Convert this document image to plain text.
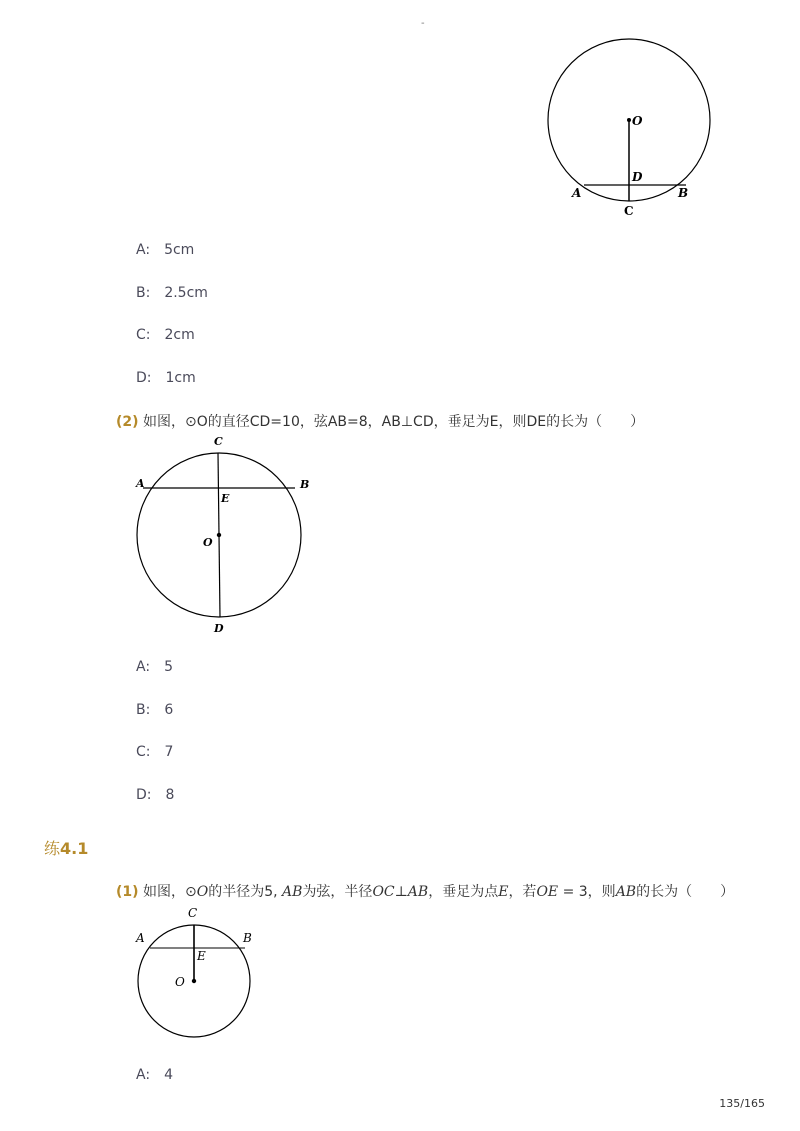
-
O
D
A	B
C
A: 5cm
B: 2.5cm
C: 2cm
D: 1cm
(2) 如图，⊙O的直径CD=10，弦AB=8，AB⊥CD，垂足为E，则DE的长为（　　）
C
A	B
E
O
D
A: 5
B: 6
C: 7
D: 8
练4.1
(1) 如图，⊙O的半径为5, AB为弦，半径OC⊥AB，垂足为点E，若OE = 3，则AB的长为（　　）
C
A	B
E
O
A: 4
135/165
